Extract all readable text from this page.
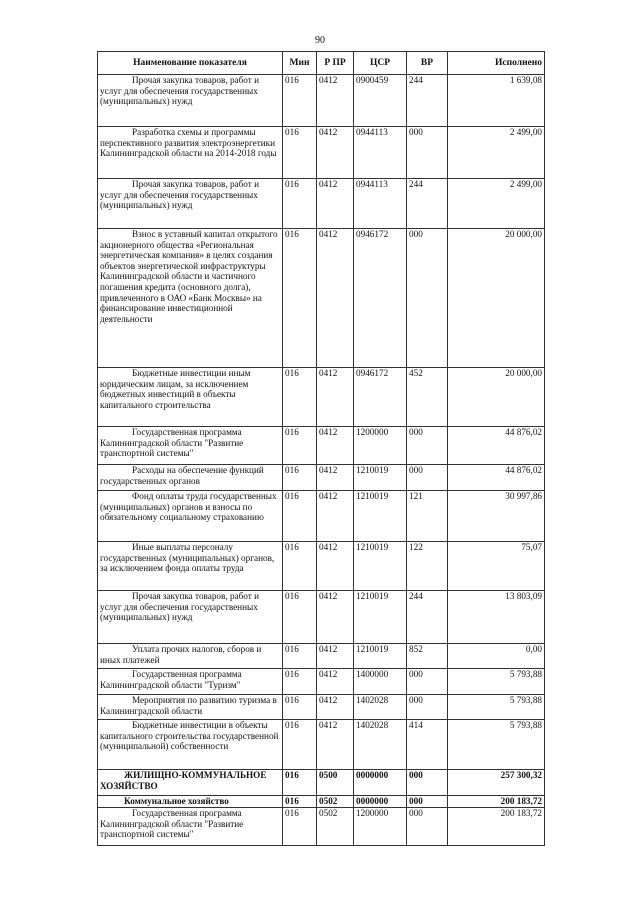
90
Наименование показателя	Мин	Р ПР	ЦСР	ВР	Исполнено
Прочая закупка товаров, работ и услуг для обеспечения государственных (муниципальных) нужд	016	0412	0900459	244	1 639,08
Разработка схемы и программы перспективного развития электроэнергетики Калининградской области на 2014-2018 годы	016	0412	0944113	000	2 499,00
Прочая закупка товаров, работ и услуг для обеспечения государственных (муниципальных) нужд	016	0412	0944113	244	2 499,00
Взнос в уставный капитал открытого акционерного общества «Региональная энергетическая компания» в целях создания объектов энергетической инфраструктуры Калининградской области и частичного погашения кредита (основного долга), привлеченного в ОАО «Банк Москвы» на финансирование инвестиционной деятельности	016	0412	0946172	000	20 000,00
Бюджетные инвестиции иным юридическим лицам, за исключением бюджетных инвестиций в объекты капитального строительства	016	0412	0946172	452	20 000,00
Государственная программа Калининградской области "Развитие транспортной системы"	016	0412	1200000	000	44 876,02
Расходы на обеспечение функций государственных органов	016	0412	1210019	000	44 876,02
Фонд оплаты труда государственных (муниципальных) органов и взносы по обязательному социальному страхованию	016	0412	1210019	121	30 997,86
Иные выплаты персоналу государственных (муниципальных) органов, за исключением фонда оплаты труда	016	0412	1210019	122	75,07
Прочая закупка товаров, работ и услуг для обеспечения государственных (муниципальных) нужд	016	0412	1210019	244	13 803,09
Уплата прочих налогов, сборов и иных платежей	016	0412	1210019	852	0,00
Государственная программа Калининградской области "Туризм"	016	0412	1400000	000	5 793,88
Мероприятия по развитию туризма в Калининградской области	016	0412	1402028	000	5 793,88
Бюджетные инвестиции в объекты капитального строительства государственной (муниципальной) собственности	016	0412	1402028	414	5 793,88
ЖИЛИЩНО-КОММУНАЛЬНОЕ ХОЗЯЙСТВО	016	0500	0000000	000	257 300,32
Коммунальное хозяйство	016	0502	0000000	000	200 183,72
Государственная программа Калининградской области "Развитие транспортной системы"	016	0502	1200000	000	200 183,72
